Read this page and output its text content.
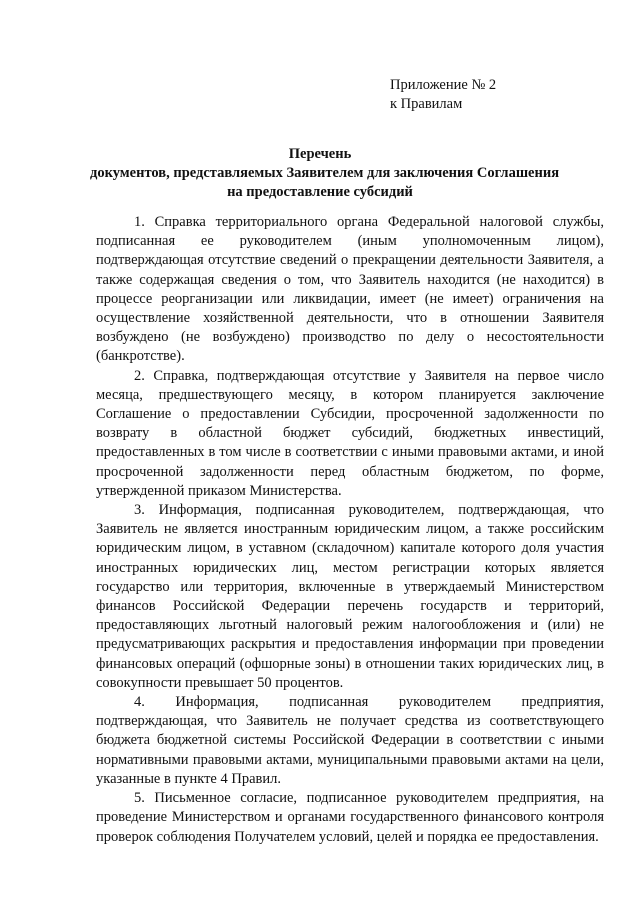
Приложение № 2
к Правилам
Перечень
документов, представляемых Заявителем для заключения Соглашения
на предоставление субсидий

1. Справка территориального органа Федеральной налоговой службы, подписанная ее руководителем (иным уполномоченным лицом), подтверждающая отсутствие сведений о прекращении деятельности Заявителя, а также содержащая сведения о том, что Заявитель находится (не находится) в процессе реорганизации или ликвидации, имеет (не имеет) ограничения на осуществление хозяйственной деятельности, что в отношении Заявителя возбуждено (не возбуждено) производство по делу о несостоятельности (банкротстве).

2. Справка, подтверждающая отсутствие у Заявителя на первое число месяца, предшествующего месяцу, в котором планируется заключение Соглашение о предоставлении Субсидии, просроченной задолженности по возврату в областной бюджет субсидий, бюджетных инвестиций, предоставленных в том числе в соответствии с иными правовыми актами, и иной просроченной задолженности перед областным бюджетом, по форме, утвержденной приказом Министерства.

3. Информация, подписанная руководителем, подтверждающая, что Заявитель не является иностранным юридическим лицом, а также российским юридическим лицом, в уставном (складочном) капитале которого доля участия иностранных юридических лиц, местом регистрации которых является государство или территория, включенные в утверждаемый Министерством финансов Российской Федерации перечень государств и территорий, предоставляющих льготный налоговый режим налогообложения и (или) не предусматривающих раскрытия и предоставления информации при проведении финансовых операций (офшорные зоны) в отношении таких юридических лиц, в совокупности превышает 50 процентов.

4. Информация, подписанная руководителем предприятия, подтверждающая, что Заявитель не получает средства из соответствующего бюджета бюджетной системы Российской Федерации в соответствии с иными нормативными правовыми актами, муниципальными правовыми актами на цели, указанные в пункте 4 Правил.

5. Письменное согласие, подписанное руководителем предприятия, на проведение Министерством и органами государственного финансового контроля проверок соблюдения Получателем условий, целей и порядка ее предоставления.
